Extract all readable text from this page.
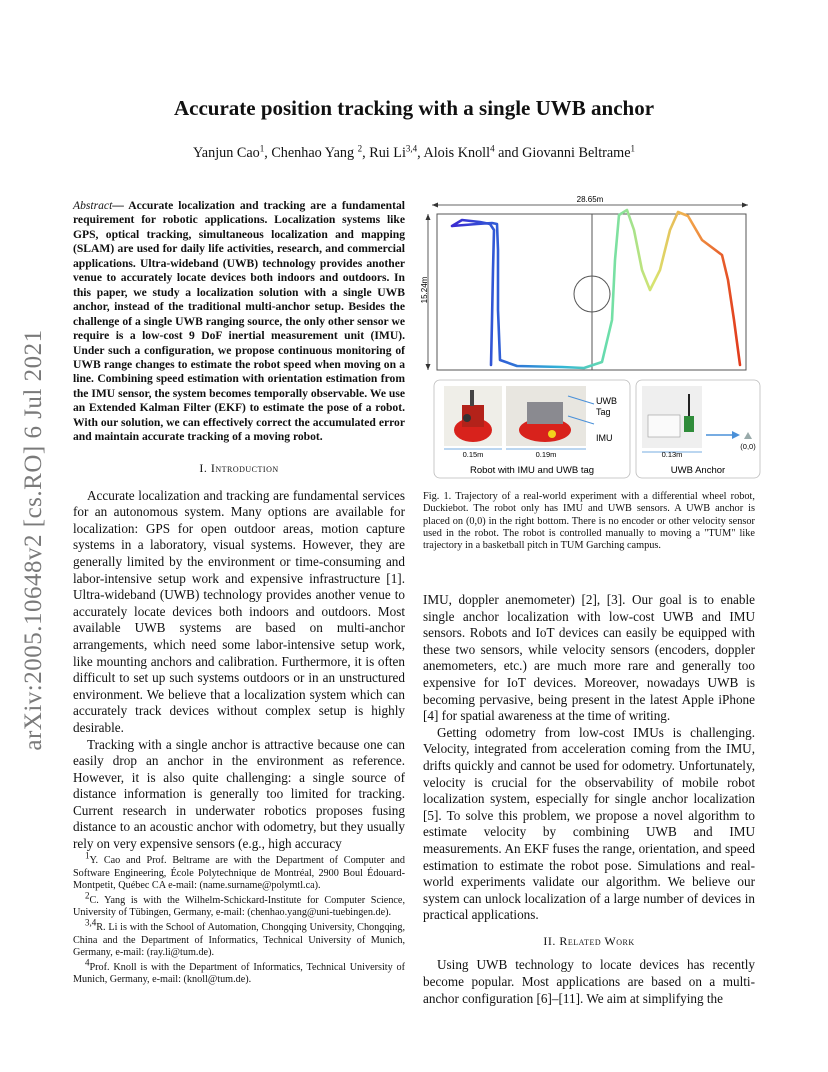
arXiv:2005.10648v2 [cs.RO] 6 Jul 2021
Accurate position tracking with a single UWB anchor
Yanjun Cao$^1$, Chenhao Yang $^2$, Rui Li$^{3,4}$, Alois Knoll$^4$ and Giovanni Beltrame$^1$
Abstract— Accurate localization and tracking are a fundamental requirement for robotic applications. Localization systems like GPS, optical tracking, simultaneous localization and mapping (SLAM) are used for daily life activities, research, and commercial applications. Ultra-wideband (UWB) technology provides another venue to accurately locate devices both indoors and outdoors. In this paper, we study a localization solution with a single UWB anchor, instead of the traditional multi-anchor setup. Besides the challenge of a single UWB ranging source, the only other sensor we require is a low-cost 9 DoF inertial measurement unit (IMU). Under such a configuration, we propose continuous monitoring of UWB range changes to estimate the robot speed when moving on a line. Combining speed estimation with orientation estimation from the IMU sensor, the system becomes temporally observable. We use an Extended Kalman Filter (EKF) to estimate the pose of a robot. With our solution, we can effectively correct the accumulated error and maintain accurate tracking of a moving robot.
I. Introduction

Accurate localization and tracking are fundamental services for an autonomous system. Many options are available for localization: GPS for open outdoor areas, motion capture systems in a laboratory, visual systems. However, they are generally limited by the environment or time-consuming and labor-intensive setup work and expensive infrastructure [1]. Ultra-wideband (UWB) technology provides another venue to accurately locate devices both indoors and outdoors. Most available UWB systems are based on multi-anchor arrangements, which need some labor-intensive setup work, like mounting anchors and calibration. Furthermore, it is often difficult to set up such systems outdoors or in an unstructured environment. We believe that a localization system which can accurately track devices without complex setup is highly desirable.

Tracking with a single anchor is attractive because one can easily drop an anchor in the environment as reference. However, it is also quite challenging: a single source of distance information is generally too limited for tracking. Current research in underwater robotics proposes fusing distance to an acoustic anchor with odometry, but they usually rely on very expensive sensors (e.g., high accuracy

$^1$Y. Cao and Prof. Beltrame are with the Department of Computer and Software Engineering, École Polytechnique de Montréal, 2900 Boul Édouard-Montpetit, Québec CA e-mail: (name.surname@polymtl.ca).

$^2$C. Yang is with the Wilhelm-Schickard-Institute for Computer Science, University of Tübingen, Germany, e-mail: (chenhao.yang@uni-tuebingen.de).

$^{3,4}$R. Li is with the School of Automation, Chongqing University, Chongqing, China and the Department of Informatics, Technical University of Munich, Germany, e-mail: (ray.li@tum.de).

$^4$Prof. Knoll is with the Department of Informatics, Technical University of Munich, Germany, e-mail: (knoll@tum.de).

28.65m
15.24m
UWB
Tag
IMU
0.15m	0.19m
Robot with IMU and UWB tag
(0,0)
0.13m
UWB Anchor
Fig. 1. Trajectory of a real-world experiment with a differential wheel robot, Duckiebot. The robot only has IMU and UWB sensors. A UWB anchor is placed on (0,0) in the right bottom. There is no encoder or other velocity sensor used in the robot. The robot is controlled manually to moving a "TUM" like trajectory in a basketball pitch in TUM Garching campus.

IMU, doppler anemometer) [2], [3]. Our goal is to enable single anchor localization with low-cost UWB and IMU sensors. Robots and IoT devices can easily be equipped with these two sensors, while velocity sensors (encoders, doppler anemometers, etc.) are much more rare and generally too expensive for IoT devices. Moreover, nowadays UWB is becoming pervasive, being present in the latest Apple iPhone [4] for spatial awareness at the time of writing.

Getting odometry from low-cost IMUs is challenging. Velocity, integrated from acceleration coming from the IMU, drifts quickly and cannot be used for odometry. Unfortunately, velocity is crucial for the observability of mobile robot localization system, especially for single anchor localization [5]. To solve this problem, we propose a novel algorithm to estimate velocity by combining UWB and IMU measurements. An EKF fuses the range, orientation, and speed estimation to estimate the robot pose. Simulations and real-world experiments validate our algorithm. We believe our system can unlock localization of a large number of devices in practical applications.

II. Related Work

Using UWB technology to locate devices has recently become popular. Most applications are based on a multi-anchor configuration [6]–[11]. We aim at simplifying the
